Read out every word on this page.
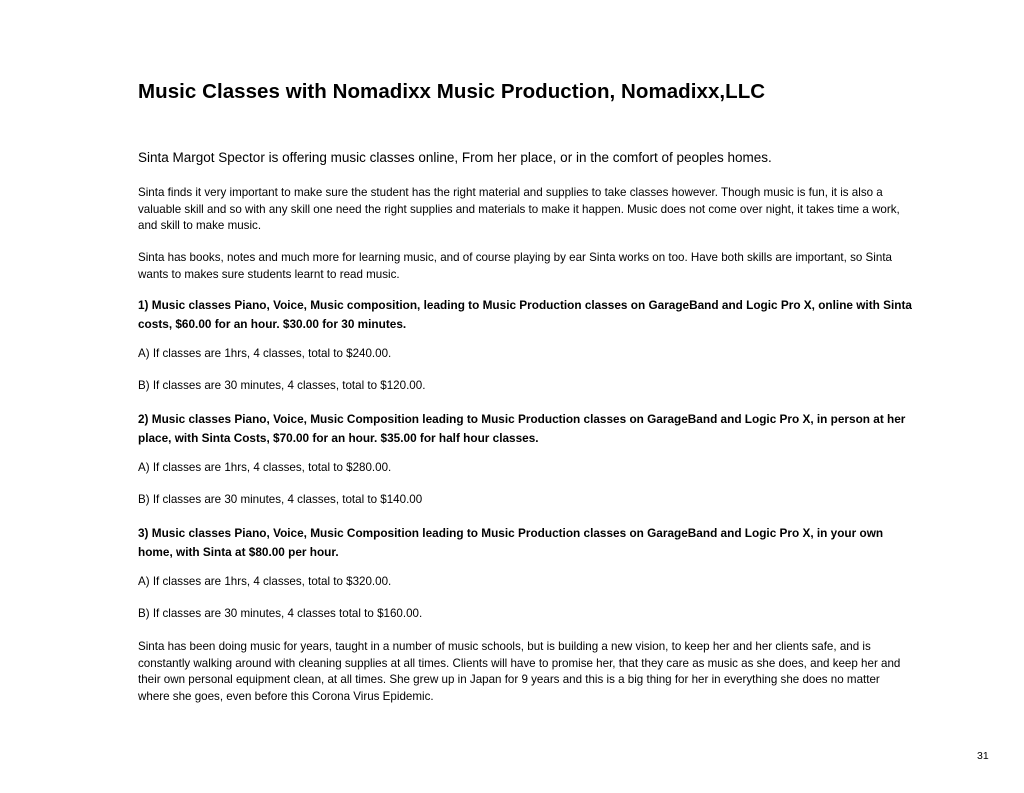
Music Classes with Nomadixx Music Production, Nomadixx,LLC

Sinta Margot Spector is offering music classes online, From her place, or in the comfort of peoples homes.

Sinta finds it very important to make sure the student has the right material and supplies to take classes however. Though music is fun, it is also a valuable skill and so with any skill one need the right supplies and materials to make it happen. Music does not come over night, it takes time a work, and skill to make music.

Sinta has books, notes and much more for learning music, and of course playing by ear Sinta works on too. Have both skills are important, so Sinta wants to makes sure students learnt to read music.

1) Music classes Piano, Voice, Music composition, leading to Music Production classes on GarageBand and Logic Pro X, online with Sinta costs, $60.00 for an hour. $30.00 for 30 minutes.

A) If classes are 1hrs, 4 classes, total to $240.00.

B) If classes are 30 minutes, 4 classes, total to $120.00.

2) Music classes Piano, Voice, Music Composition leading to Music Production classes on GarageBand and Logic Pro X, in person at her place, with Sinta Costs, $70.00 for an hour. $35.00 for half hour classes.

A) If classes are 1hrs, 4 classes, total to $280.00.

B) If classes are 30 minutes, 4 classes, total to $140.00

3) Music classes Piano, Voice, Music Composition leading to Music Production classes on GarageBand and Logic Pro X, in your own home, with Sinta at $80.00 per hour.

A) If classes are 1hrs, 4 classes, total to $320.00.

B) If classes are 30 minutes, 4 classes total to $160.00.

Sinta has been doing music for years, taught in a number of music schools, but is building a new vision, to keep her and her clients safe, and is constantly walking around with cleaning supplies at all times. Clients will have to promise her, that they care as music as she does, and keep her and their own personal equipment clean, at all times. She grew up in Japan for 9 years and this is a big thing for her in everything she does no matter where she goes, even before this Corona Virus Epidemic.

31
